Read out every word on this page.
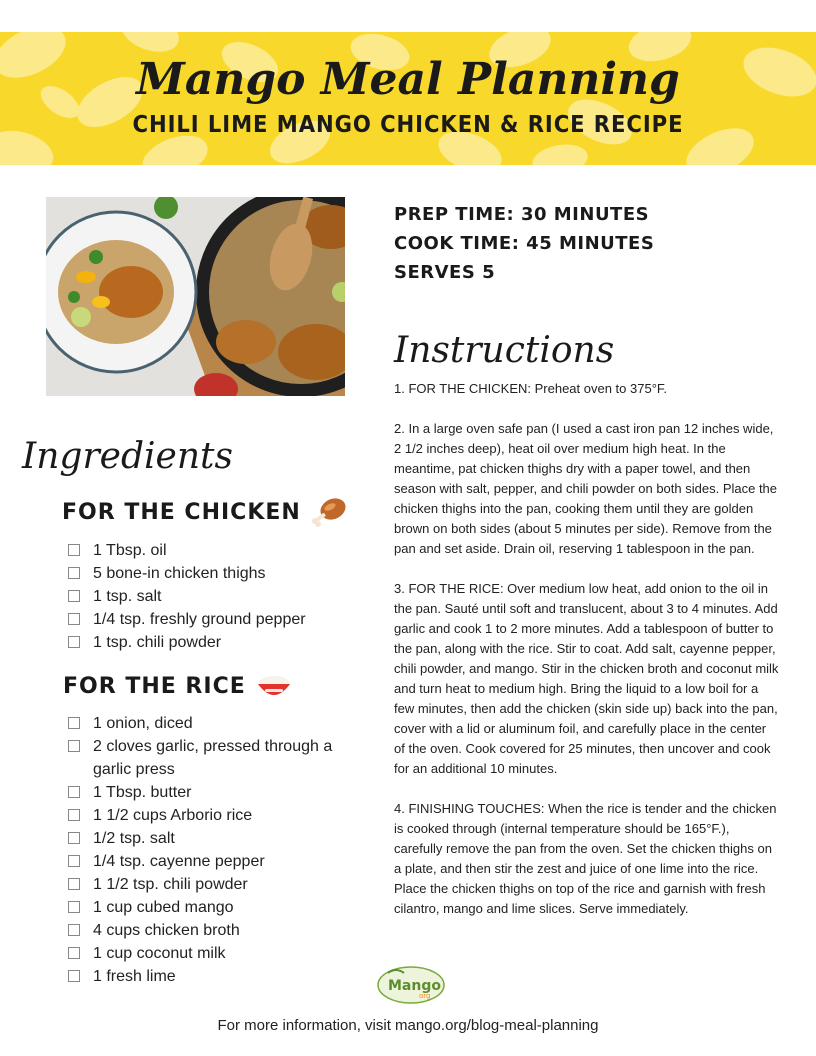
Mango Meal Planning
CHILI LIME MANGO CHICKEN & RICE RECIPE
PREP TIME: 30 MINUTES
COOK TIME: 45 MINUTES
SERVES 5
Instructions

1. FOR THE CHICKEN: Preheat oven to 375°F.

2. In a large oven safe pan (I used a cast iron pan 12 inches wide, 2 1/2 inches deep), heat oil over medium high heat. In the meantime, pat chicken thighs dry with a paper towel, and then season with salt, pepper, and chili powder on both sides. Place the chicken thighs into the pan, cooking them until they are golden brown on both sides (about 5 minutes per side). Remove from the pan and set aside. Drain oil, reserving 1 tablespoon in the pan.

3. FOR THE RICE: Over medium low heat, add onion to the oil in the pan. Sauté until soft and translucent, about 3 to 4 minutes. Add garlic and cook 1 to 2 more minutes. Add a tablespoon of butter to the pan, along with the rice. Stir to coat. Add salt, cayenne pepper, chili powder, and mango. Stir in the chicken broth and coconut milk and turn heat to medium high. Bring the liquid to a low boil for a few minutes, then add the chicken (skin side up) back into the pan, cover with a lid or aluminum foil, and carefully place in the center of the oven. Cook covered for 25 minutes, then uncover and cook for an additional 10 minutes.

4. FINISHING TOUCHES: When the rice is tender and the chicken is cooked through (internal temperature should be 165°F.), carefully remove the pan from the oven. Set the chicken thighs on a plate, and then stir the zest and juice of one lime into the rice. Place the chicken thighs on top of the rice and garnish with fresh cilantro, mango and lime slices. Serve immediately.

Ingredients
FOR THE CHICKEN
1 Tbsp. oil
5 bone-in chicken thighs
1 tsp. salt
1/4 tsp. freshly ground pepper
1 tsp. chili powder
FOR THE RICE
1 onion, diced
2 cloves garlic, pressed through a garlic press
1 Tbsp. butter
1 1/2 cups Arborio rice
1/2 tsp. salt
1/4 tsp. cayenne pepper
1 1/2 tsp. chili powder
1 cup cubed mango
4 cups chicken broth
1 cup coconut milk
1 fresh lime
Mango
org
For more information, visit mango.org/blog-meal-planning
